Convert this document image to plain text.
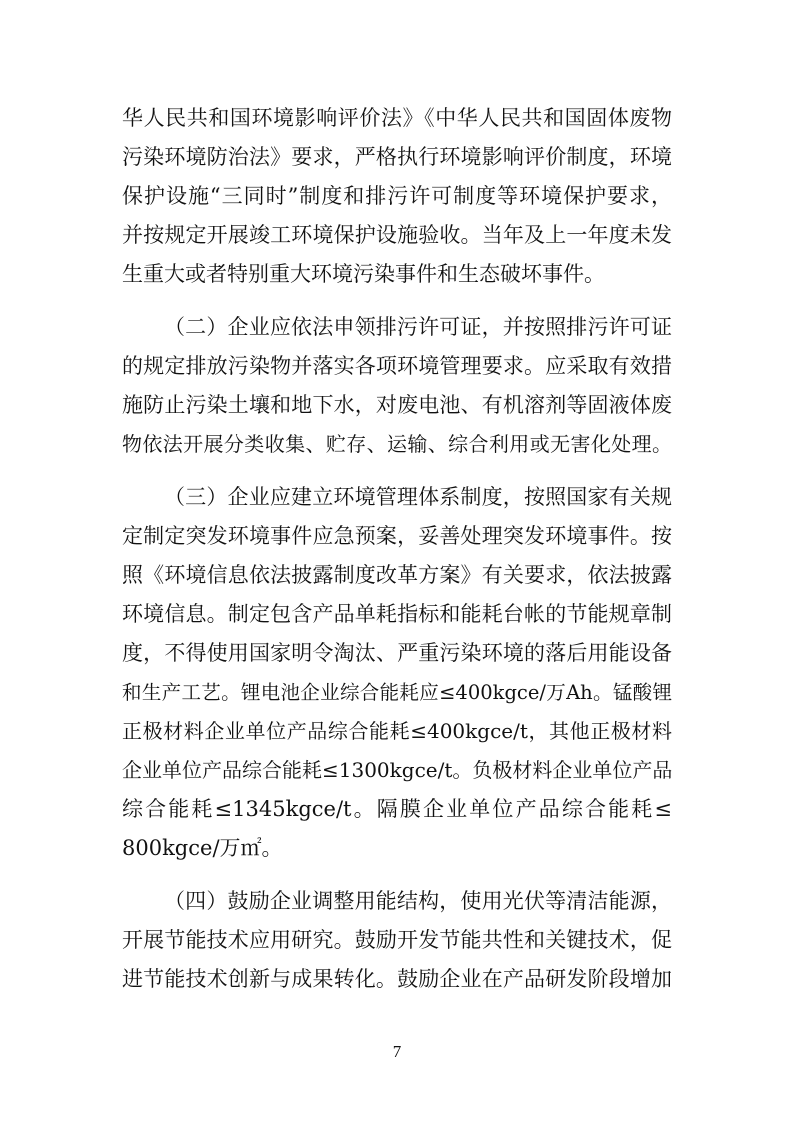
华人民共和国环境影响评价法》《中华人民共和国固体废物

污染环境防治法》要求，严格执行环境影响评价制度，环境

保护设施“三同时”制度和排污许可制度等环境保护要求，

并按规定开展竣工环境保护设施验收。当年及上一年度未发

生重大或者特别重大环境污染事件和生态破坏事件。

（二）企业应依法申领排污许可证，并按照排污许可证

的规定排放污染物并落实各项环境管理要求。应采取有效措

施防止污染土壤和地下水，对废电池、有机溶剂等固液体废

物依法开展分类收集、贮存、运输、综合利用或无害化处理。

（三）企业应建立环境管理体系制度，按照国家有关规

定制定突发环境事件应急预案，妥善处理突发环境事件。按

照《环境信息依法披露制度改革方案》有关要求，依法披露

环境信息。制定包含产品单耗指标和能耗台帐的节能规章制

度，不得使用国家明令淘汰、严重污染环境的落后用能设备

和生产工艺。锂电池企业综合能耗应≤400kgce/万Ah。锰酸锂

正极材料企业单位产品综合能耗≤400kgce/t，其他正极材料

企业单位产品综合能耗≤1300kgce/t。负极材料企业单位产品

综合能耗≤1345kgce/t。隔膜企业单位产品综合能耗≤

800kgce/万㎡。

（四）鼓励企业调整用能结构，使用光伏等清洁能源，

开展节能技术应用研究。鼓励开发节能共性和关键技术，促

进节能技术创新与成果转化。鼓励企业在产品研发阶段增加

7
